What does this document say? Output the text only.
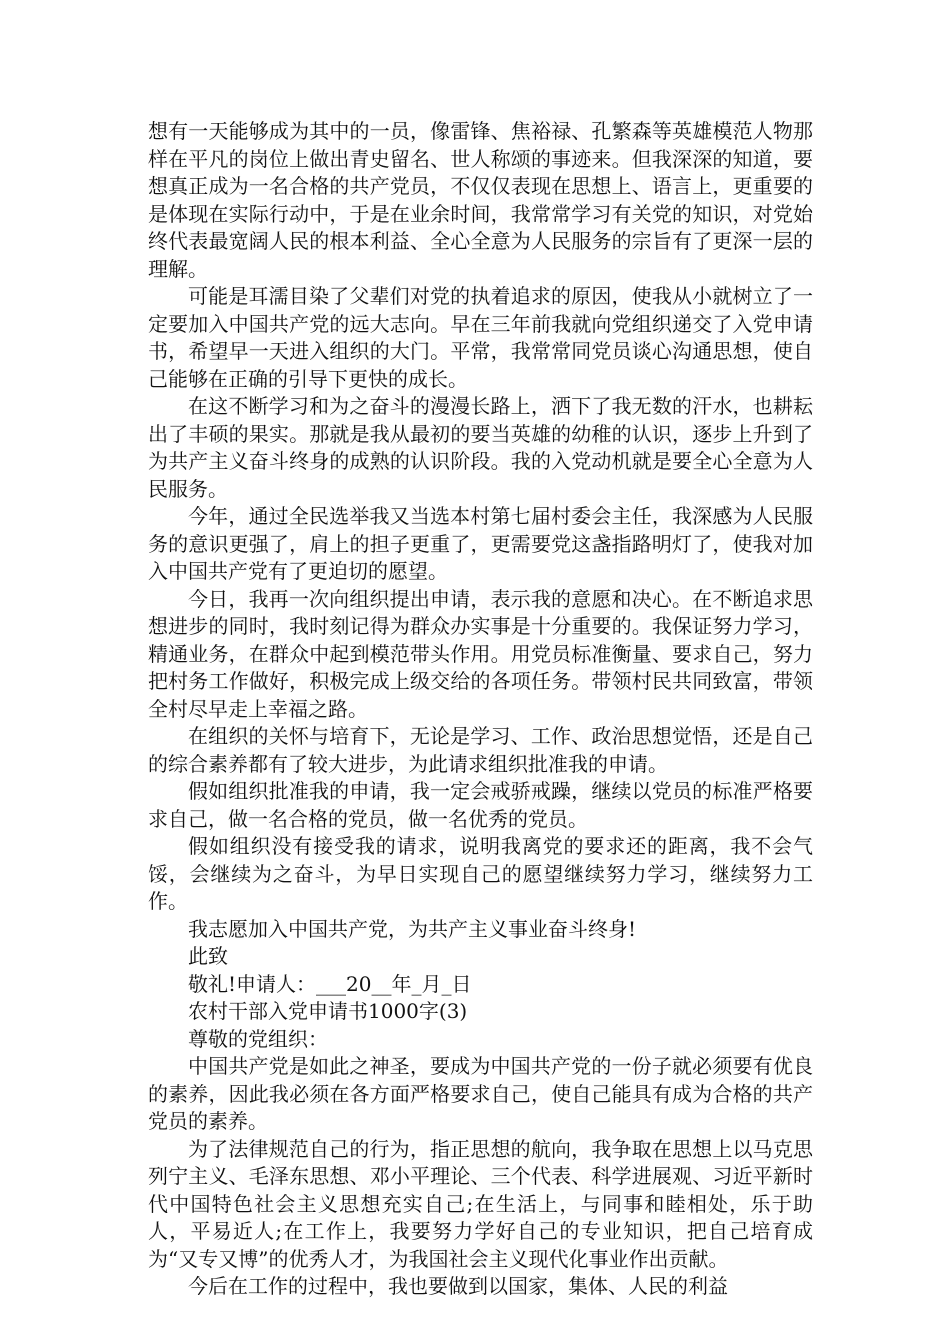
想有一天能够成为其中的一员，像雷锋、焦裕禄、孔繁森等英雄模范人物那样在平凡的岗位上做出青史留名、世人称颂的事迹来。但我深深的知道，要想真正成为一名合格的共产党员，不仅仅表现在思想上、语言上，更重要的是体现在实际行动中，于是在业余时间，我常常学习有关党的知识，对党始终代表最宽阔人民的根本利益、全心全意为人民服务的宗旨有了更深一层的理解。

可能是耳濡目染了父辈们对党的执着追求的原因，使我从小就树立了一定要加入中国共产党的远大志向。早在三年前我就向党组织递交了入党申请书，希望早一天进入组织的大门。平常，我常常同党员谈心沟通思想，使自己能够在正确的引导下更快的成长。

在这不断学习和为之奋斗的漫漫长路上，洒下了我无数的汗水，也耕耘出了丰硕的果实。那就是我从最初的要当英雄的幼稚的认识，逐步上升到了为共产主义奋斗终身的成熟的认识阶段。我的入党动机就是要全心全意为人民服务。

今年，通过全民选举我又当选本村第七届村委会主任，我深感为人民服务的意识更强了，肩上的担子更重了，更需要党这盏指路明灯了，使我对加入中国共产党有了更迫切的愿望。

今日，我再一次向组织提出申请，表示我的意愿和决心。在不断追求思想进步的同时，我时刻记得为群众办实事是十分重要的。我保证努力学习，精通业务，在群众中起到模范带头作用。用党员标准衡量、要求自己，努力把村务工作做好，积极完成上级交给的各项任务。带领村民共同致富，带领全村尽早走上幸福之路。

在组织的关怀与培育下，无论是学习、工作、政治思想觉悟，还是自己的综合素养都有了较大进步，为此请求组织批准我的申请。

假如组织批准我的申请，我一定会戒骄戒躁，继续以党员的标准严格要求自己，做一名合格的党员，做一名优秀的党员。

假如组织没有接受我的请求，说明我离党的要求还的距离，我不会气馁，会继续为之奋斗，为早日实现自己的愿望继续努力学习，继续努力工作。

我志愿加入中国共产党，为共产主义事业奋斗终身!

此致

敬礼!申请人：___20__年_月_日

农村干部入党申请书1000字(3)

尊敬的党组织：

中国共产党是如此之神圣，要成为中国共产党的一份子就必须要有优良的素养，因此我必须在各方面严格要求自己，使自己能具有成为合格的共产党员的素养。

为了法律规范自己的行为，指正思想的航向，我争取在思想上以马克思列宁主义、毛泽东思想、邓小平理论、三个代表、科学进展观、习近平新时代中国特色社会主义思想充实自己;在生活上，与同事和睦相处，乐于助人，平易近人;在工作上，我要努力学好自己的专业知识，把自己培育成为“又专又博”的优秀人才，为我国社会主义现代化事业作出贡献。

今后在工作的过程中，我也要做到以国家，集体、人民的利益
